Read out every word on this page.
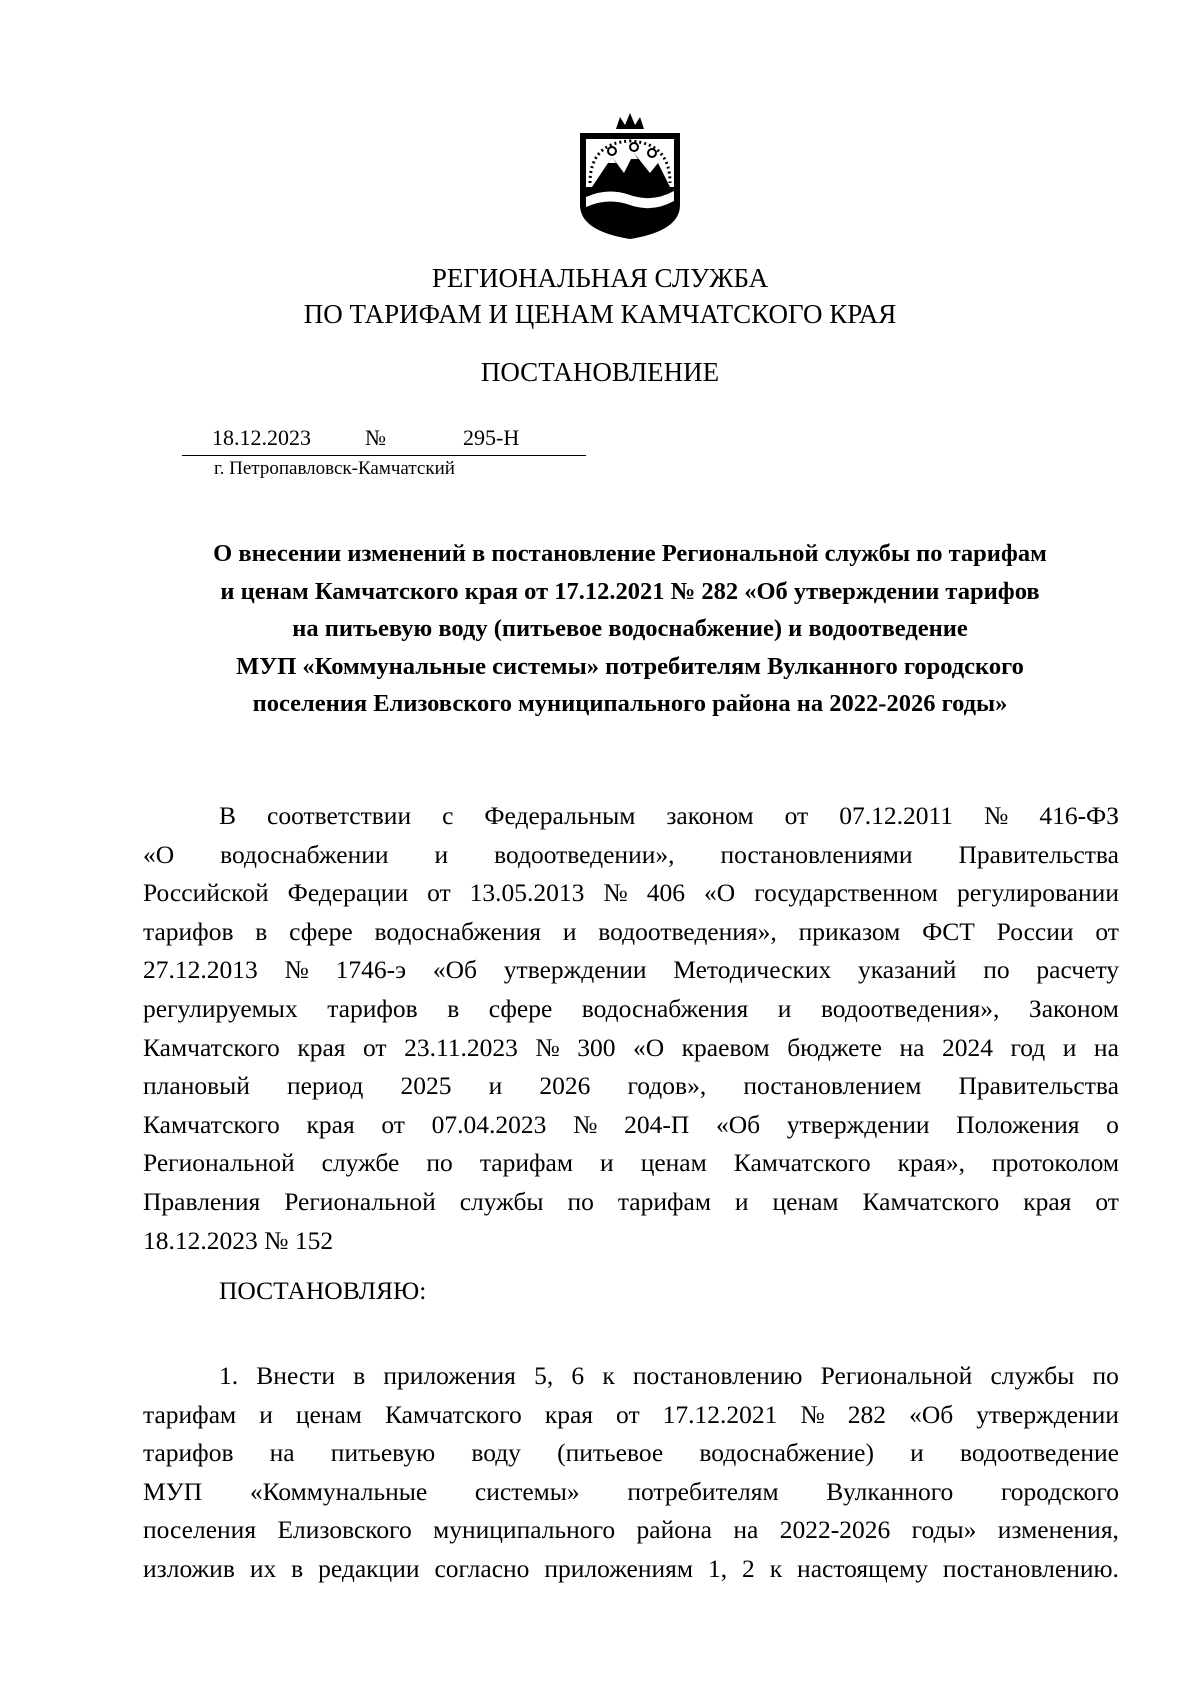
РЕГИОНАЛЬНАЯ СЛУЖБА
ПО ТАРИФАМ И ЦЕНАМ КАМЧАТСКОГО КРАЯ
ПОСТАНОВЛЕНИЕ
18.12.2023 №	295-Н
г. Петропавловск-Камчатский
О внесении изменений в постановление Региональной службы по тарифам
и ценам Камчатского края от 17.12.2021 № 282 «Об утверждении тарифов
на питьевую воду (питьевое водоснабжение) и водоотведение
МУП «Коммунальные системы» потребителям Вулканного городского
поселения Елизовского муниципального района на 2022-2026 годы»
В соответствии с Федеральным законом от 07.12.2011 № 416-ФЗ
«О водоснабжении и водоотведении», постановлениями Правительства
Российской Федерации от 13.05.2013 № 406 «О государственном регулировании
тарифов в сфере водоснабжения и водоотведения», приказом ФСТ России от
27.12.2013 № 1746-э «Об утверждении Методических указаний по расчету
регулируемых тарифов в сфере водоснабжения и водоотведения», Законом
Камчатского края от 23.11.2023 № 300 «О краевом бюджете на 2024 год и на
плановый период 2025 и 2026 годов», постановлением Правительства
Камчатского края от 07.04.2023 № 204-П «Об утверждении Положения о
Региональной службе по тарифам и ценам Камчатского края», протоколом
Правления Региональной службы по тарифам и ценам Камчатского края от
18.12.2023 № 152
ПОСТАНОВЛЯЮ:
1. Внести в приложения 5, 6 к постановлению Региональной службы по
тарифам и ценам Камчатского края от 17.12.2021 № 282 «Об утверждении
тарифов на питьевую воду (питьевое водоснабжение) и водоотведение
МУП «Коммунальные системы» потребителям Вулканного городского
поселения Елизовского муниципального района на 2022-2026 годы» изменения,
изложив их в редакции согласно приложениям 1, 2 к настоящему постановлению.
